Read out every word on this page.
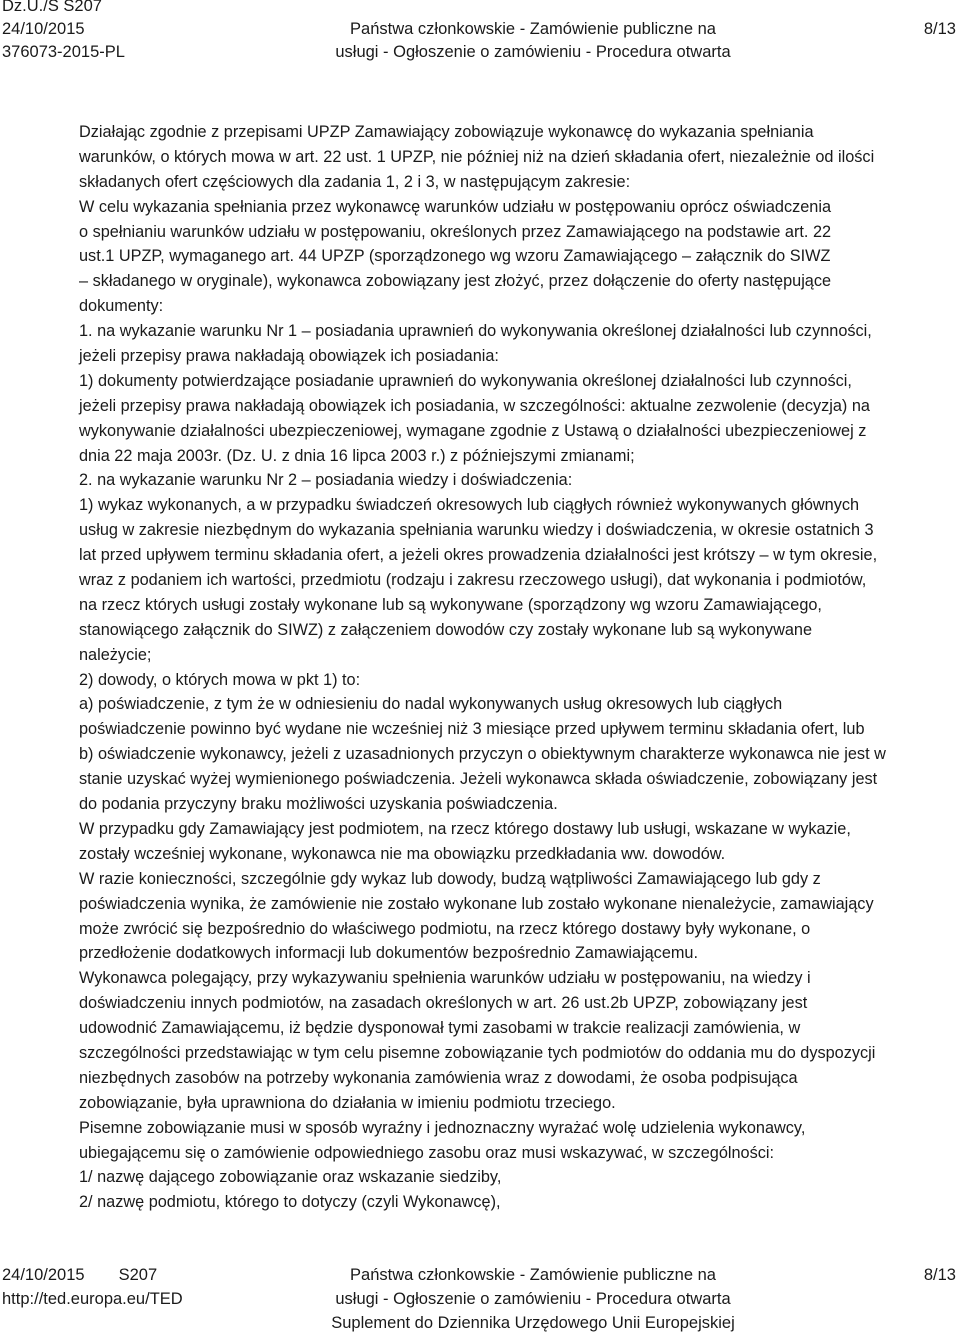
Dz.U./S S207
24/10/2015
376073-2015-PL

Państwa członkowskie - Zamówienie publiczne na
usługi - Ogłoszenie o zamówieniu - Procedura otwarta

8/13
Działając zgodnie z przepisami UPZP Zamawiający zobowiązuje wykonawcę do wykazania spełniania
warunków, o których mowa w art. 22 ust. 1 UPZP, nie później niż na dzień składania ofert, niezależnie od ilości
składanych ofert częściowych dla zadania 1, 2 i 3, w następującym zakresie:
W celu wykazania spełniania przez wykonawcę warunków udziału w postępowaniu oprócz oświadczenia
o spełnianiu warunków udziału w postępowaniu, określonych przez Zamawiającego na podstawie art. 22
ust.1 UPZP, wymaganego art. 44 UPZP (sporządzonego wg wzoru Zamawiającego – załącznik do SIWZ
– składanego w oryginale), wykonawca zobowiązany jest złożyć, przez dołączenie do oferty następujące
dokumenty:
1. na wykazanie warunku Nr 1 – posiadania uprawnień do wykonywania określonej działalności lub czynności,
jeżeli przepisy prawa nakładają obowiązek ich posiadania:
1) dokumenty potwierdzające posiadanie uprawnień do wykonywania określonej działalności lub czynności,
jeżeli przepisy prawa nakładają obowiązek ich posiadania, w szczególności: aktualne zezwolenie (decyzja) na
wykonywanie działalności ubezpieczeniowej, wymagane zgodnie z Ustawą o działalności ubezpieczeniowej z
dnia 22 maja 2003r. (Dz. U. z dnia 16 lipca 2003 r.) z późniejszymi zmianami;
2. na wykazanie warunku Nr 2 – posiadania wiedzy i doświadczenia:
1) wykaz wykonanych, a w przypadku świadczeń okresowych lub ciągłych również wykonywanych głównych
usług w zakresie niezbędnym do wykazania spełniania warunku wiedzy i doświadczenia, w okresie ostatnich 3
lat przed upływem terminu składania ofert, a jeżeli okres prowadzenia działalności jest krótszy – w tym okresie,
wraz z podaniem ich wartości, przedmiotu (rodzaju i zakresu rzeczowego usługi), dat wykonania i podmiotów,
na rzecz których usługi zostały wykonane lub są wykonywane (sporządzony wg wzoru Zamawiającego,
stanowiącego załącznik do SIWZ) z załączeniem dowodów czy zostały wykonane lub są wykonywane
należycie;
2) dowody, o których mowa w pkt 1) to:
a) poświadczenie, z tym że w odniesieniu do nadal wykonywanych usług okresowych lub ciągłych
poświadczenie powinno być wydane nie wcześniej niż 3 miesiące przed upływem terminu składania ofert, lub
b) oświadczenie wykonawcy, jeżeli z uzasadnionych przyczyn o obiektywnym charakterze wykonawca nie jest w
stanie uzyskać wyżej wymienionego poświadczenia. Jeżeli wykonawca składa oświadczenie, zobowiązany jest
do podania przyczyny braku możliwości uzyskania poświadczenia.
W przypadku gdy Zamawiający jest podmiotem, na rzecz którego dostawy lub usługi, wskazane w wykazie,
zostały wcześniej wykonane, wykonawca nie ma obowiązku przedkładania ww. dowodów.
W razie konieczności, szczególnie gdy wykaz lub dowody, budzą wątpliwości Zamawiającego lub gdy z
poświadczenia wynika, że zamówienie nie zostało wykonane lub zostało wykonane nienależycie, zamawiający
może zwrócić się bezpośrednio do właściwego podmiotu, na rzecz którego dostawy były wykonane, o
przedłożenie dodatkowych informacji lub dokumentów bezpośrednio Zamawiającemu.
Wykonawca polegający, przy wykazywaniu spełnienia warunków udziału w postępowaniu, na wiedzy i
doświadczeniu innych podmiotów, na zasadach określonych w art. 26 ust.2b UPZP, zobowiązany jest
udowodnić Zamawiającemu, iż będzie dysponował tymi zasobami w trakcie realizacji zamówienia, w
szczególności przedstawiając w tym celu pisemne zobowiązanie tych podmiotów do oddania mu do dyspozycji
niezbędnych zasobów na potrzeby wykonania zamówienia wraz z dowodami, że osoba podpisująca
zobowiązanie, była uprawniona do działania w imieniu podmiotu trzeciego.
Pisemne zobowiązanie musi w sposób wyraźny i jednoznaczny wyrażać wolę udzielenia wykonawcy,
ubiegającemu się o zamówienie odpowiedniego zasobu oraz musi wskazywać, w szczególności:
1/ nazwę dającego zobowiązanie oraz wskazanie siedziby,
2/ nazwę podmiotu, którego to dotyczy (czyli Wykonawcę),
24/10/2015 S207
http://ted.europa.eu/TED
Państwa członkowskie - Zamówienie publiczne na
usługi - Ogłoszenie o zamówieniu - Procedura otwarta
Suplement do Dziennika Urzędowego Unii Europejskiej
8/13
